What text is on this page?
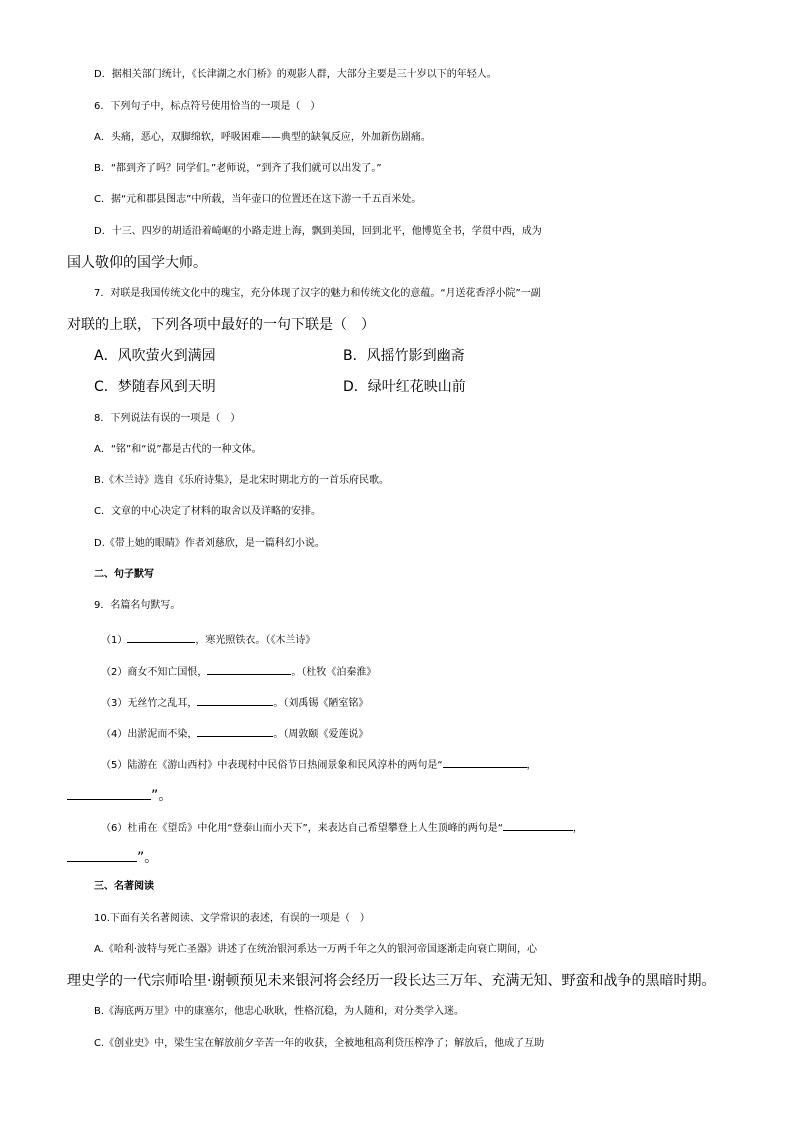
D．据相关部门统计，《长津湖之水门桥》的观影人群，大部分主要是三十岁以下的年轻人。
6．下列句子中，标点符号使用恰当的一项是（　）
A．头痛，恶心，双脚绵软，呼吸困难——典型的缺氧反应，外加新伤剧痛。
B．“都到齐了吗？同学们。”老师说，“到齐了我们就可以出发了。”
C．据“元和郡县图志”中所载，当年壶口的位置还在这下游一千五百米处。
D．十三、四岁的胡适沿着崎岖的小路走进上海，飘到美国，回到北平，他博览全书，学贯中西，成为
国人敬仰的国学大师。
7．对联是我国传统文化中的瑰宝，充分体现了汉字的魅力和传统文化的意蕴。“月送花香浮小院”一副
对联的上联，下列各项中最好的一句下联是（　）
A．风吹萤火到满园	B．风摇竹影到幽斋
C．梦随春风到天明	D．绿叶红花映山前
8．下列说法有误的一项是（　）
A．“铭”和“说”都是古代的一种文体。
B.《木兰诗》选自《乐府诗集》，是北宋时期北方的一首乐府民歌。
C．文章的中心决定了材料的取舍以及详略的安排。
D.《带上她的眼睛》作者刘慈欣，是一篇科幻小说。
二、句子默写
9．名篇名句默写。
（1）	，寒光照铁衣。（《木兰诗》
（2）商女不知亡国恨，	。（杜牧《泊秦淮》
（3）无丝竹之乱耳，	。（刘禹锡《陋室铭》
（4）出淤泥而不染，	。（周敦颐《爱莲说》
（5）陆游在《游山西村》中表现村中民俗节日热闹景象和民风淳朴的两句是“	，
”。
（6）杜甫在《望岳》中化用“登泰山而小天下”，来表达自己希望攀登上人生顶峰的两句是“	，
”。
三、名著阅读
10.下面有关名著阅读、文学常识的表述，有误的一项是（　）
A.《哈利·波特与死亡圣器》讲述了在统治银河系达一万两千年之久的银河帝国逐渐走向衰亡期间，心
理史学的一代宗师哈里·谢顿预见未来银河将会经历一段长达三万年、充满无知、野蛮和战争的黑暗时期。
B.《海底两万里》中的康塞尔，他忠心耿耿，性格沉稳，为人随和，对分类学入迷。
C.《创业史》中，梁生宝在解放前夕辛苦一年的收获，全被地租高利贷压榨净了；解放后，他成了互助
